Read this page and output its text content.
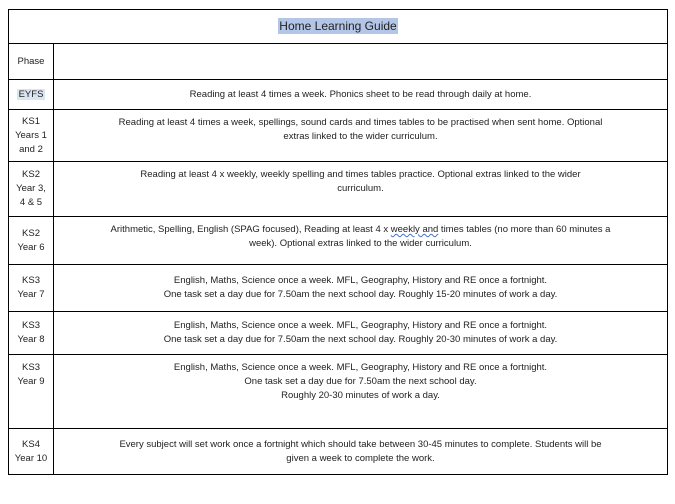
Home Learning Guide	
Phase	
EYFS	Reading at least 4 times a week. Phonics sheet to be read through daily at home.

KS1
Years 1
and 2	Reading at least 4 times a week, spellings, sound cards and times tables to be practised when sent home. Optional
extras linked to the wider curriculum.

KS2
Year 3,
4 & 5	Reading at least 4 x weekly, weekly spelling and times tables practice. Optional extras linked to the wider
curriculum.

KS2
Year 6	Arithmetic, Spelling, English (SPAG focused), Reading at least 4 x weekly and times tables (no more than 60 minutes a
week). Optional extras linked to the wider curriculum.

KS3
Year 7	English, Maths, Science once a week. MFL, Geography, History and RE once a fortnight.
One task set a day due for 7.50am the next school day. Roughly 15-20 minutes of work a day.

KS3
Year 8	English, Maths, Science once a week. MFL, Geography, History and RE once a fortnight.
One task set a day due for 7.50am the next school day. Roughly 20-30 minutes of work a day.

KS3
Year 9	English, Maths, Science once a week. MFL, Geography, History and RE once a fortnight.
One task set a day due for 7.50am the next school day.
Roughly 20-30 minutes of work a day.

KS4
Year 10	Every subject will set work once a fortnight which should take between 30-45 minutes to complete. Students will be
given a week to complete the work.
